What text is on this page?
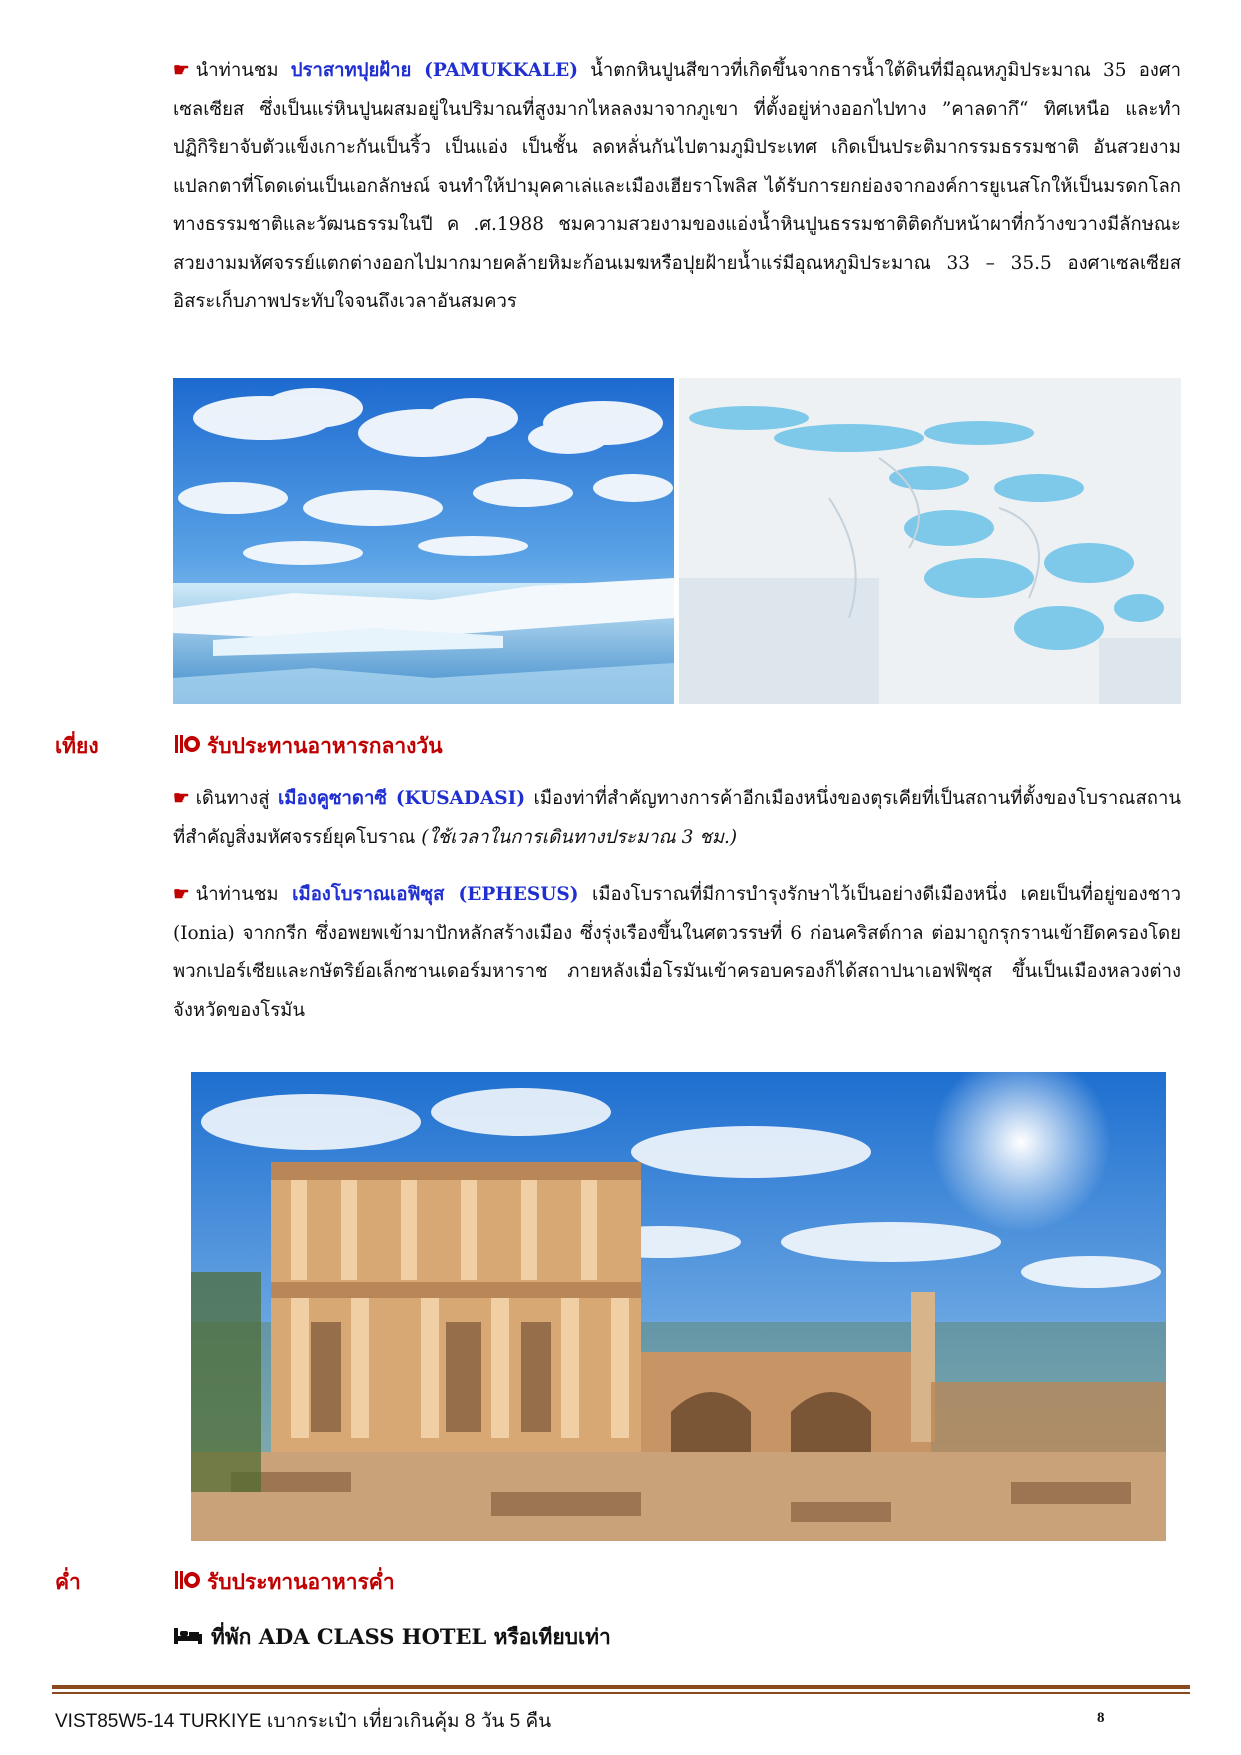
☛ นำท่านชม ปราสาทปุยฝ้าย (PAMUKKALE) น้ำตกหินปูนสีขาวที่เกิดขึ้นจากธารน้ำใต้ดินที่มีอุณหภูมิประมาณ 35 องศาเซลเซียส ซึ่งเป็นแร่หินปูนผสมอยู่ในปริมาณที่สูงมากไหลลงมาจากภูเขา ที่ตั้งอยู่ห่างออกไปทาง ”คาลดากึ“ ทิศเหนือ และทำปฏิกิริยาจับตัวแข็งเกาะกันเป็นริ้ว เป็นแอ่ง เป็นชั้น ลดหลั่นกันไปตามภูมิประเทศ เกิดเป็นประติมากรรมธรรมชาติ อันสวยงามแปลกตาที่โดดเด่นเป็นเอกลักษณ์ จนทำให้ปามุคคาเล่และเมืองเฮียราโพลิส ได้รับการยกย่องจากองค์การยูเนสโกให้เป็นมรดกโลกทางธรรมชาติและวัฒนธรรมในปี ค .ศ.1988 ชมความสวยงามของแอ่งน้ำหินปูนธรรมชาติติดกับหน้าผาที่กว้างขวางมีลักษณะสวยงามมหัศจรรย์แตกต่างออกไปมากมายคล้ายหิมะก้อนเมฆหรือปุยฝ้ายน้ำแร่มีอุณหภูมิประมาณ 33 – 35.5 องศาเซลเซียส อิสระเก็บภาพประทับใจจนถึงเวลาอันสมควร

เที่ยง	รับประทานอาหารกลางวัน

☛ เดินทางสู่ เมืองคูซาดาซี (KUSADASI) เมืองท่าที่สำคัญทางการค้าอีกเมืองหนึ่งของตุรเคียที่เป็นสถานที่ตั้งของโบราณสถานที่สำคัญสิ่งมหัศจรรย์ยุคโบราณ (ใช้เวลาในการเดินทางประมาณ 3 ชม.)

☛ นำท่านชม เมืองโบราณเอฟิซุส (EPHESUS) เมืองโบราณที่มีการบำรุงรักษาไว้เป็นอย่างดีเมืองหนึ่ง เคยเป็นที่อยู่ของชาว (Ionia) จากกรีก ซึ่งอพยพเข้ามาปักหลักสร้างเมือง ซึ่งรุ่งเรืองขึ้นในศตวรรษที่ 6 ก่อนคริสต์กาล ต่อมาถูกรุกรานเข้ายึดครองโดยพวกเปอร์เซียและกษัตริย์อเล็กซานเดอร์มหาราช ภายหลังเมื่อโรมันเข้าครอบครองก็ได้สถาปนาเอฟฟิซุส ขึ้นเป็นเมืองหลวงต่างจังหวัดของโรมัน

ค่ำ	รับประทานอาหารค่ำ
ที่พัก ADA CLASS HOTEL หรือเทียบเท่า
VIST85W5-14 TURKIYE เบากระเป๋า เที่ยวเกินคุ้ม 8 วัน 5 คืน	8
